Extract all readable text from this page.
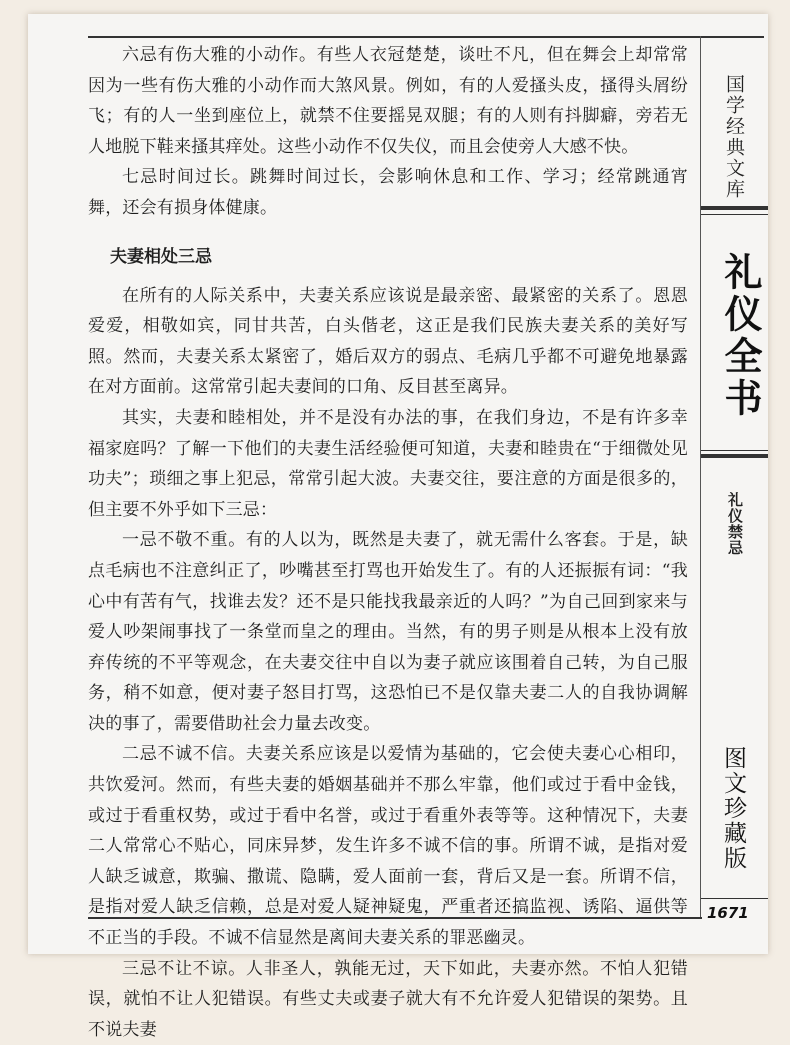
六忌有伤大雅的小动作。有些人衣冠楚楚，谈吐不凡，但在舞会上却常常因为一些有伤大雅的小动作而大煞风景。例如，有的人爱搔头皮，搔得头屑纷飞；有的人一坐到座位上，就禁不住要摇晃双腿；有的人则有抖脚癖，旁若无人地脱下鞋来搔其痒处。这些小动作不仅失仪，而且会使旁人大感不快。

七忌时间过长。跳舞时间过长，会影响休息和工作、学习；经常跳通宵舞，还会有损身体健康。

夫妻相处三忌

在所有的人际关系中，夫妻关系应该说是最亲密、最紧密的关系了。恩恩爱爱，相敬如宾，同甘共苦，白头偕老，这正是我们民族夫妻关系的美好写照。然而，夫妻关系太紧密了，婚后双方的弱点、毛病几乎都不可避免地暴露在对方面前。这常常引起夫妻间的口角、反目甚至离异。

其实，夫妻和睦相处，并不是没有办法的事，在我们身边，不是有许多幸福家庭吗？了解一下他们的夫妻生活经验便可知道，夫妻和睦贵在“于细微处见功夫”；琐细之事上犯忌，常常引起大波。夫妻交往，要注意的方面是很多的，但主要不外乎如下三忌：

一忌不敬不重。有的人以为，既然是夫妻了，就无需什么客套。于是，缺点毛病也不注意纠正了，吵嘴甚至打骂也开始发生了。有的人还振振有词：“我心中有苦有气，找谁去发？还不是只能找我最亲近的人吗？”为自己回到家来与爱人吵架闹事找了一条堂而皇之的理由。当然，有的男子则是从根本上没有放弃传统的不平等观念，在夫妻交往中自以为妻子就应该围着自己转，为自己服务，稍不如意，便对妻子怒目打骂，这恐怕已不是仅靠夫妻二人的自我协调解决的事了，需要借助社会力量去改变。

二忌不诚不信。夫妻关系应该是以爱情为基础的，它会使夫妻心心相印，共饮爱河。然而，有些夫妻的婚姻基础并不那么牢靠，他们或过于看中金钱，或过于看重权势，或过于看中名誉，或过于看重外表等等。这种情况下，夫妻二人常常心不贴心，同床异梦，发生许多不诚不信的事。所谓不诚，是指对爱人缺乏诚意，欺骗、撒谎、隐瞒，爱人面前一套，背后又是一套。所谓不信，是指对爱人缺乏信赖，总是对爱人疑神疑鬼，严重者还搞监视、诱陷、逼供等不正当的手段。不诚不信显然是离间夫妻关系的罪恶幽灵。

三忌不让不谅。人非圣人，孰能无过，天下如此，夫妻亦然。不怕人犯错误，就怕不让人犯错误。有些丈夫或妻子就大有不允许爱人犯错误的架势。且不说夫妻

国学经典文库
礼仪全书
礼仪禁忌
图文珍藏版
1671
